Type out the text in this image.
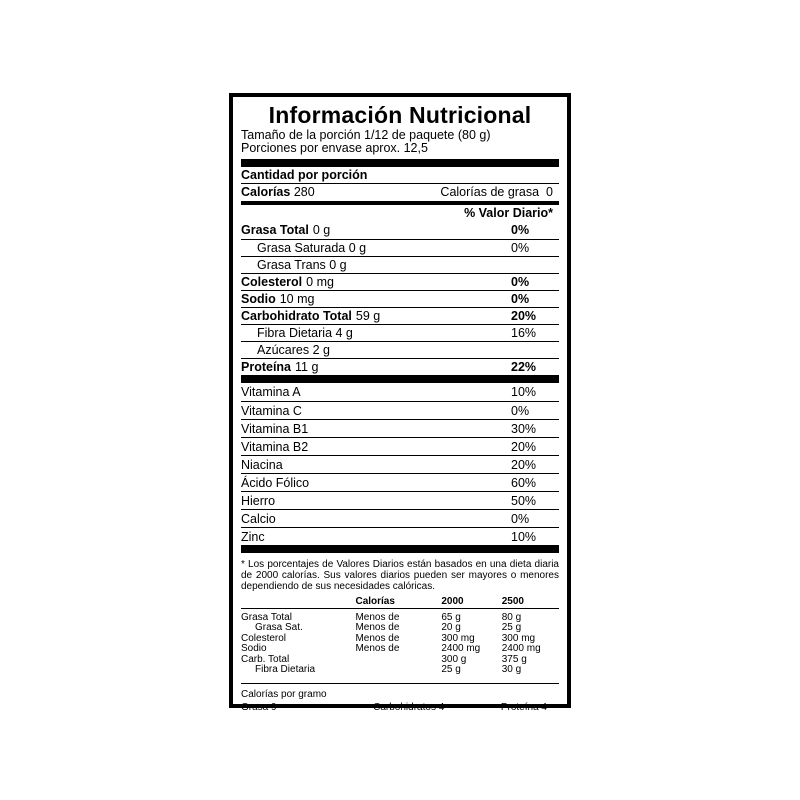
Información Nutricional
Tamaño de la porción 1/12 de paquete (80 g)
Porciones por envase aprox. 12,5
Cantidad por porción
Calorías 280	Calorías de grasa 0
% Valor Diario*
Grasa Total 0 g	0%
Grasa Saturada 0 g	0%
Grasa Trans 0 g
Colesterol 0 mg	0%
Sodio 10 mg	0%
Carbohidrato Total 59 g	20%
Fibra Dietaria 4 g	16%
Azúcares 2 g
Proteína 11 g	22%
Vitamina A	10%
Vitamina C	0%
Vitamina B1	30%
Vitamina B2	20%
Niacina	20%
Ácido Fólico	60%
Hierro	50%
Calcio	0%
Zinc	10%
* Los porcentajes de Valores Diarios están basados en una dieta diaria de 2000 calorías. Sus valores diarios pueden ser mayores o menores dependiendo de sus necesidades calóricas.
	Calorías	2000	2500
Grasa Total	Menos de	65 g	80 g
Grasa Sat.	Menos de	20 g	25 g
Colesterol	Menos de	300 mg	300 mg
Sodio	Menos de	2400 mg	2400 mg
Carb. Total		300 g	375 g
Fibra Dietaria		25 g	30 g
Calorías por gramo
Grasa 9	Carbohidratos 4	Proteína 4
